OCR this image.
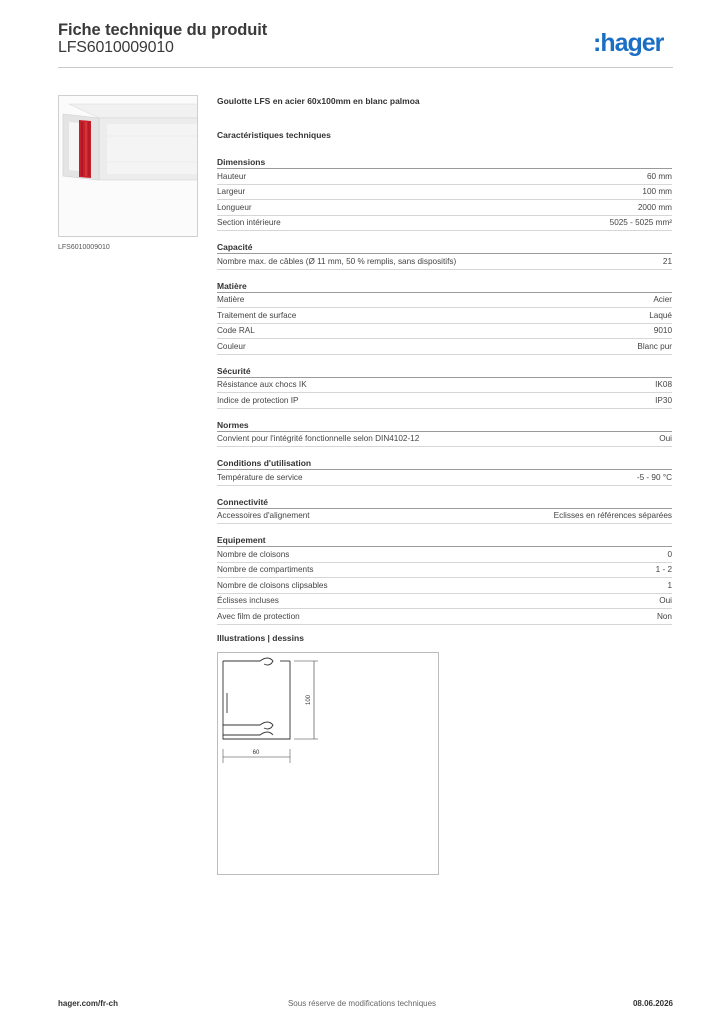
Fiche technique du produit
LFS6010009010	:hager
LFS6010009010
Goulotte LFS en acier 60x100mm en blanc palmoa
Caractéristiques techniques
Dimensions
Hauteur	60 mm
Largeur	100 mm
Longueur	2000 mm
Section intérieure	5025 - 5025 mm²
Capacité
Nombre max. de câbles (Ø 11 mm, 50 % remplis, sans dispositifs)	21
Matière
Matière	Acier
Traitement de surface	Laqué
Code RAL	9010
Couleur	Blanc pur
Sécurité
Résistance aux chocs IK	IK08
Indice de protection IP	IP30
Normes
Convient pour l'intégrité fonctionnelle selon DIN4102-12	Oui
Conditions d'utilisation
Température de service	-5 - 90 °C
Connectivité
Accessoires d'alignement	Eclisses en références séparées
Equipement
Nombre de cloisons	0
Nombre de compartiments	1 - 2
Nombre de cloisons clipsables	1
Éclisses incluses	Oui
Avec film de protection	Non
Illustrations | dessins
60
100
hager.com/fr-ch	Sous réserve de modifications techniques	08.06.2026
